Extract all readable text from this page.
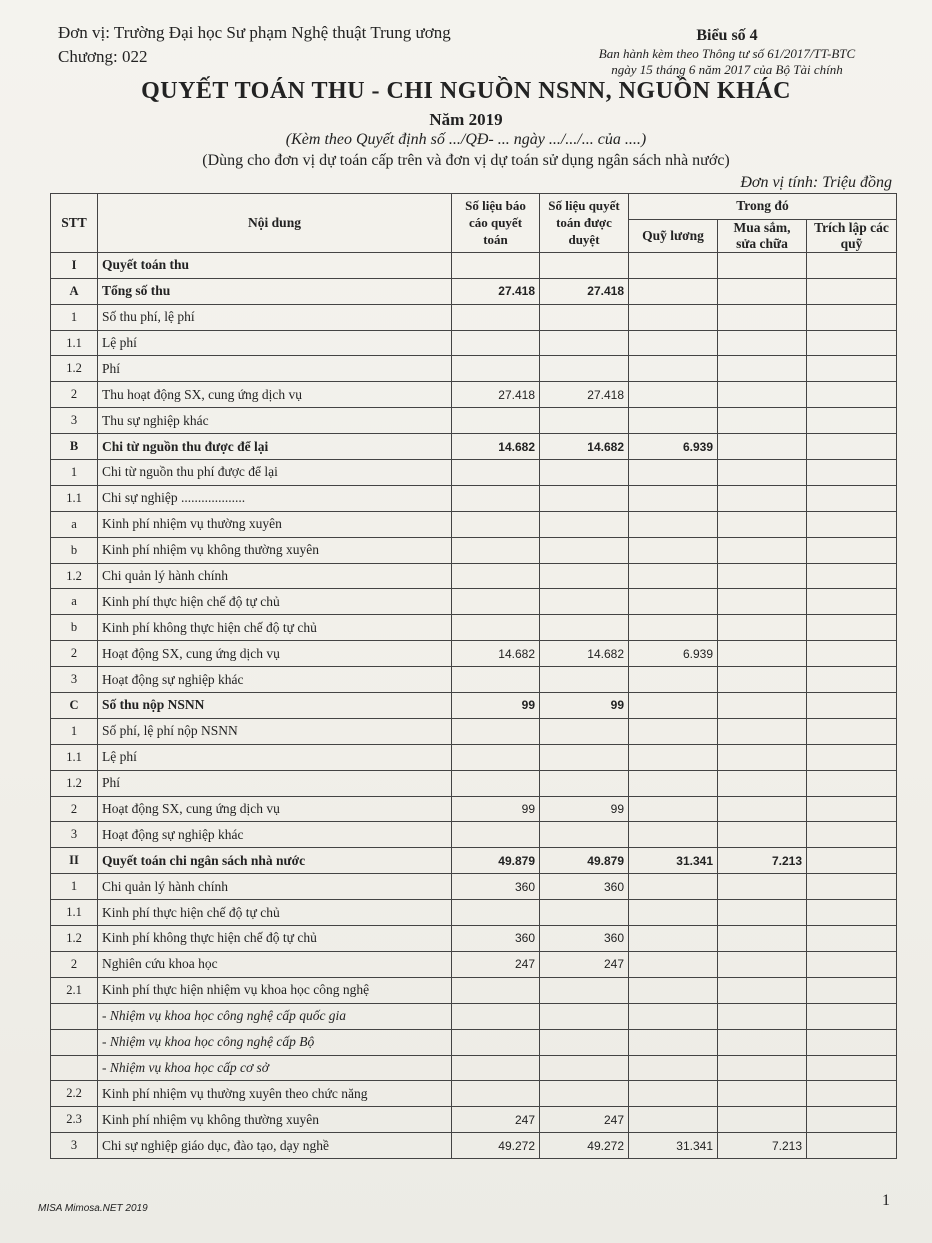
Đơn vị: Trường Đại học Sư phạm Nghệ thuật Trung ương
Chương: 022
Biểu số 4
Ban hành kèm theo Thông tư số 61/2017/TT-BTC
ngày 15 tháng 6 năm 2017 của Bộ Tài chính
QUYẾT TOÁN THU - CHI NGUỒN NSNN, NGUỒN KHÁC
Năm 2019
(Kèm theo Quyết định số .../QĐ- ... ngày .../.../... của ....)
(Dùng cho đơn vị dự toán cấp trên và đơn vị dự toán sử dụng ngân sách nhà nước)
Đơn vị tính: Triệu đồng
STT	Nội dung	Số liệu báo cáo quyết toán	Số liệu quyết toán được duyệt	Trong đó		
				Quỹ lương	Mua sắm, sửa chữa	Trích lập các quỹ
I	Quyết toán thu					
A	Tổng số thu	27.418	27.418			
1	Số thu phí, lệ phí					
1.1	Lệ phí					
1.2	Phí					
2	Thu hoạt động SX, cung ứng dịch vụ	27.418	27.418			
3	Thu sự nghiệp khác					
B	Chi từ nguồn thu được để lại	14.682	14.682	6.939		
1	Chi từ nguồn thu phí được để lại					
1.1	Chi sự nghiệp ...................					
a	Kinh phí nhiệm vụ thường xuyên					
b	Kinh phí nhiệm vụ không thường xuyên					
1.2	Chi quản lý hành chính					
a	Kinh phí thực hiện chế độ tự chủ					
b	Kinh phí không thực hiện chế độ tự chủ					
2	Hoạt động SX, cung ứng dịch vụ	14.682	14.682	6.939		
3	Hoạt động sự nghiệp khác					
C	Số thu nộp NSNN	99	99			
1	Số phí, lệ phí nộp NSNN					
1.1	Lệ phí					
1.2	Phí					
2	Hoạt động SX, cung ứng dịch vụ	99	99			
3	Hoạt động sự nghiệp khác					
II	Quyết toán chi ngân sách nhà nước	49.879	49.879	31.341	7.213	
1	Chi quản lý hành chính	360	360			
1.1	Kinh phí thực hiện chế độ tự chủ					
1.2	Kinh phí không thực hiện chế độ tự chủ	360	360			
2	Nghiên cứu khoa học	247	247			
2.1	Kinh phí thực hiện nhiệm vụ khoa học công nghệ					
	- Nhiệm vụ khoa học công nghệ cấp quốc gia					
	- Nhiệm vụ khoa học công nghệ cấp Bộ					
	- Nhiệm vụ khoa học cấp cơ sở					
2.2	Kinh phí nhiệm vụ thường xuyên theo chức năng					
2.3	Kinh phí nhiệm vụ không thường xuyên	247	247			
3	Chi sự nghiệp giáo dục, đào tạo, dạy nghề	49.272	49.272	31.341	7.213	
MISA Mimosa.NET 2019	1
